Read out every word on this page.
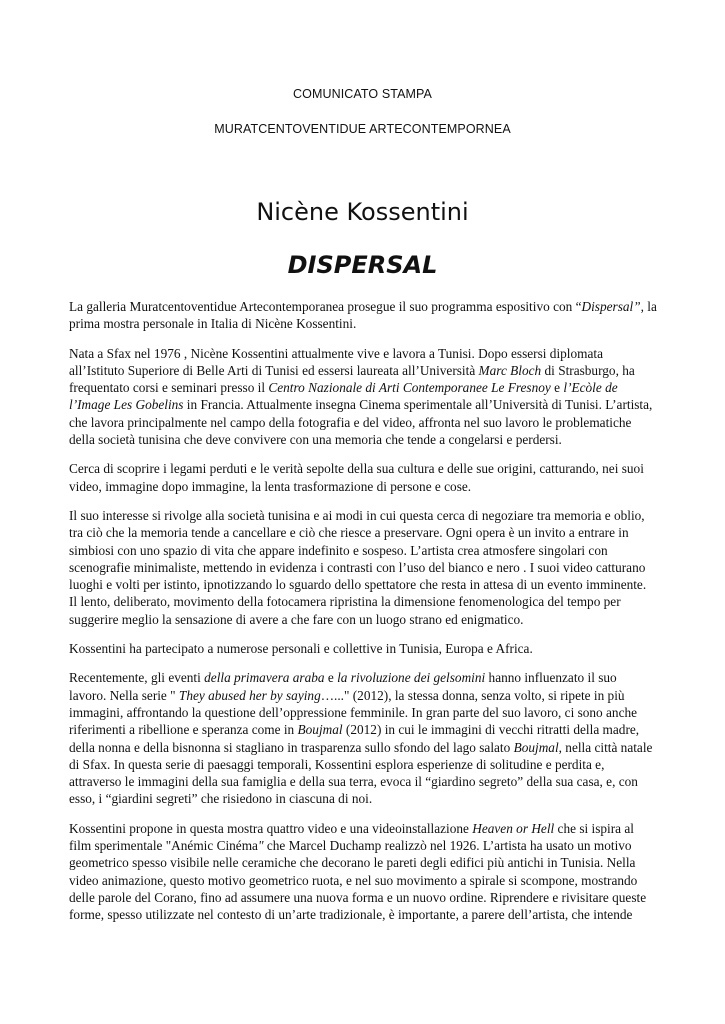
COMUNICATO STAMPA
MURATCENTOVENTIDUE ARTECONTEMPORNEA
Nicène Kossentini
DISPERSAL

La galleria Muratcentoventidue Artecontemporanea prosegue il suo programma espositivo con “Dispersal”, la prima mostra personale in Italia di Nicène Kossentini.

Nata a Sfax nel 1976 , Nicène Kossentini attualmente vive e lavora a Tunisi. Dopo essersi diplomata all’Istituto Superiore di Belle Arti di Tunisi ed essersi laureata all’Università Marc Bloch di Strasburgo, ha frequentato corsi e seminari presso il Centro Nazionale di Arti Contemporanee Le Fresnoy e l’Ecòle de l’Image Les Gobelins in Francia. Attualmente insegna Cinema sperimentale all’Università di Tunisi. L’artista, che lavora principalmente nel campo della fotografia e del video, affronta nel suo lavoro le problematiche della società tunisina che deve convivere con una memoria che tende a congelarsi e perdersi.

Cerca di scoprire i legami perduti e le verità sepolte della sua cultura e delle sue origini, catturando, nei suoi video, immagine dopo immagine, la lenta trasformazione di persone e cose.

Il suo interesse si rivolge alla società tunisina e ai modi in cui questa cerca di negoziare tra memoria e oblio, tra ciò che la memoria tende a cancellare e ciò che riesce a preservare. Ogni opera è un invito a entrare in simbiosi con uno spazio di vita che appare indefinito e sospeso. L’artista crea atmosfere singolari con scenografie minimaliste, mettendo in evidenza i contrasti con l’uso del bianco e nero . I suoi video catturano luoghi e volti per istinto, ipnotizzando lo sguardo dello spettatore che resta in attesa di un evento imminente. Il lento, deliberato, movimento della fotocamera ripristina la dimensione fenomenologica del tempo per suggerire meglio la sensazione di avere a che fare con un luogo strano ed enigmatico.

Kossentini ha partecipato a numerose personali e collettive in Tunisia, Europa e Africa.

Recentemente, gli eventi della primavera araba e la rivoluzione dei gelsomini hanno influenzato il suo lavoro. Nella serie " They abused her by saying…..." (2012), la stessa donna, senza volto, si ripete in più immagini, affrontando la questione dell’oppressione femminile. In gran parte del suo lavoro, ci sono anche riferimenti a ribellione e speranza come in Boujmal (2012) in cui le immagini di vecchi ritratti della madre, della nonna e della bisnonna si stagliano in trasparenza sullo sfondo del lago salato Boujmal, nella città natale di Sfax. In questa serie di paesaggi temporali, Kossentini esplora esperienze di solitudine e perdita e, attraverso le immagini della sua famiglia e della sua terra, evoca il “giardino segreto” della sua casa, e, con esso, i “giardini segreti” che risiedono in ciascuna di noi.

Kossentini propone in questa mostra quattro video e una videoinstallazione Heaven or Hell che si ispira al film sperimentale "Anémic Cinéma" che Marcel Duchamp realizzò nel 1926. L’artista ha usato un motivo geometrico spesso visibile nelle ceramiche che decorano le pareti degli edifici più antichi in Tunisia. Nella video animazione, questo motivo geometrico ruota, e nel suo movimento a spirale si scompone, mostrando delle parole del Corano, fino ad assumere una nuova forma e un nuovo ordine. Riprendere e rivisitare queste forme, spesso utilizzate nel contesto di un’arte tradizionale, è importante, a parere dell’artista, che intende
